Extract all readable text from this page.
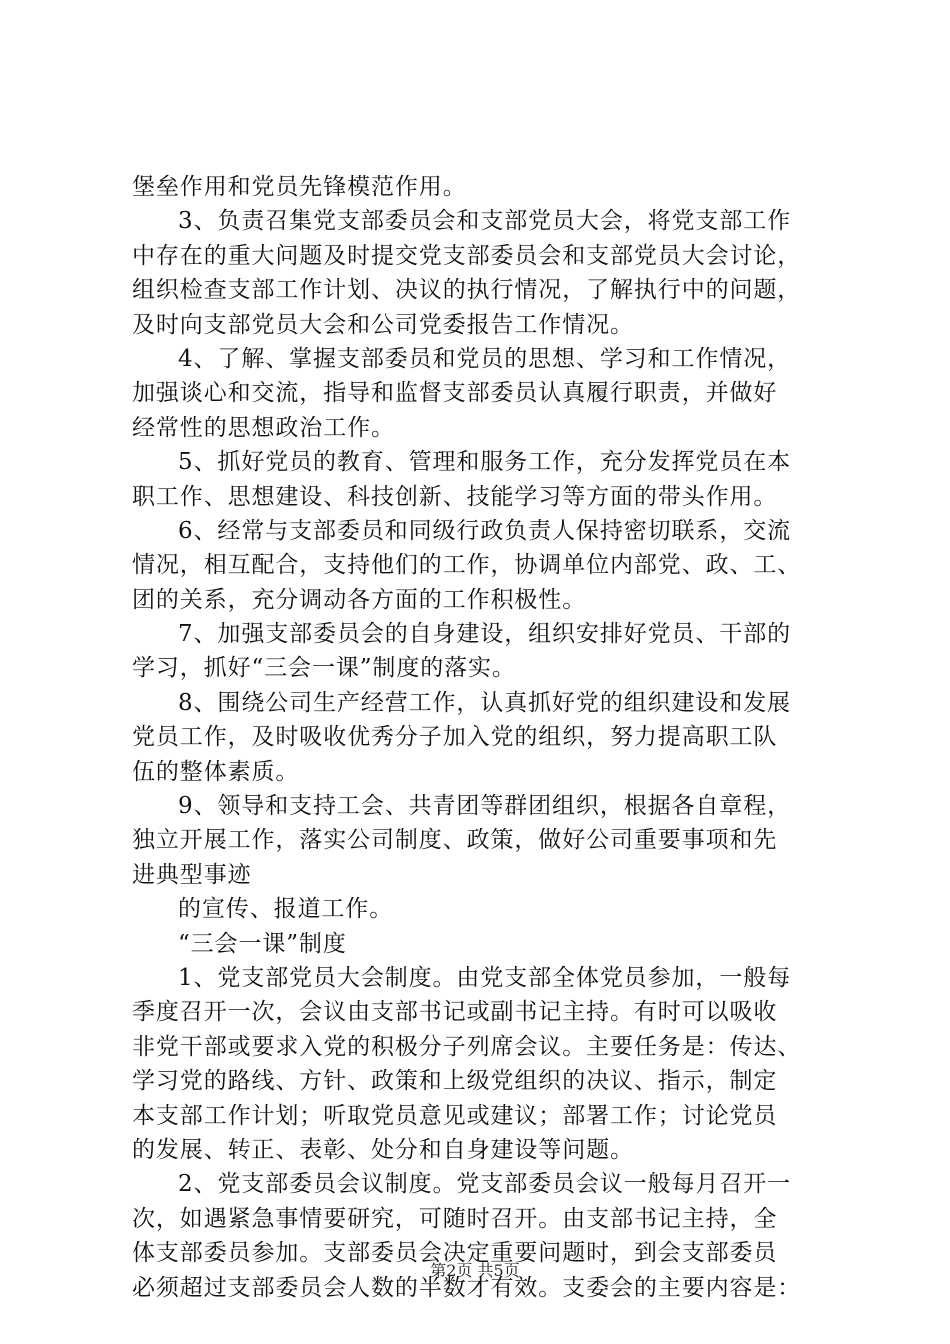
堡垒作用和党员先锋模范作用。
3、负责召集党支部委员会和支部党员大会，将党支部工作
中存在的重大问题及时提交党支部委员会和支部党员大会讨论，
组织检查支部工作计划、决议的执行情况，了解执行中的问题，
及时向支部党员大会和公司党委报告工作情况。
4、了解、掌握支部委员和党员的思想、学习和工作情况，
加强谈心和交流，指导和监督支部委员认真履行职责，并做好
经常性的思想政治工作。
5、抓好党员的教育、管理和服务工作，充分发挥党员在本
职工作、思想建设、科技创新、技能学习等方面的带头作用。
6、经常与支部委员和同级行政负责人保持密切联系，交流
情况，相互配合，支持他们的工作，协调单位内部党、政、工、
团的关系，充分调动各方面的工作积极性。
7、加强支部委员会的自身建设，组织安排好党员、干部的
学习，抓好“三会一课”制度的落实。
8、围绕公司生产经营工作，认真抓好党的组织建设和发展
党员工作，及时吸收优秀分子加入党的组织，努力提高职工队
伍的整体素质。
9、领导和支持工会、共青团等群团组织，根据各自章程，
独立开展工作，落实公司制度、政策，做好公司重要事项和先
进典型事迹
的宣传、报道工作。
“三会一课”制度
1、党支部党员大会制度。由党支部全体党员参加，一般每
季度召开一次，会议由支部书记或副书记主持。有时可以吸收
非党干部或要求入党的积极分子列席会议。主要任务是：传达、
学习党的路线、方针、政策和上级党组织的决议、指示，制定
本支部工作计划；听取党员意见或建议；部署工作；讨论党员
的发展、转正、表彰、处分和自身建设等问题。
2、党支部委员会议制度。党支部委员会议一般每月召开一
次，如遇紧急事情要研究，可随时召开。由支部书记主持，全
体支部委员参加。支部委员会决定重要问题时，到会支部委员
必须超过支部委员会人数的半数才有效。支委会的主要内容是：
第2页 共5页
